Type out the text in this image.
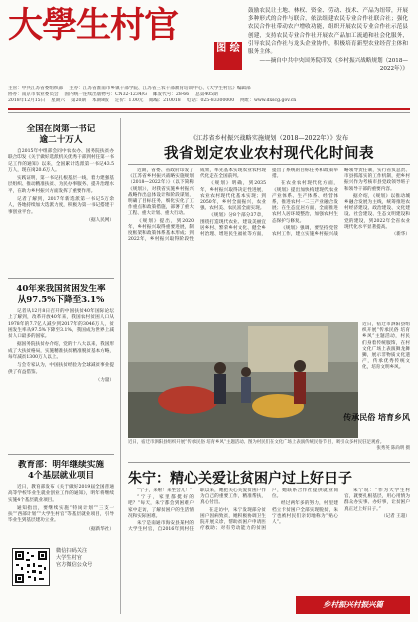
大學生村官
图 绘
鼓励农民让土地、林权、资金、劳动、技术、产品为纽带，开展多种形式的合作与联合，依法组建农民专业合作社联合社；强化农民合作社带动农户增收功能，组织开展农民专业合作社示范县创建，支持农民专业合作社开展农产品加工流通和社会化服务，引导农民合作社与龙头企业协作，积极培育新型农业经营主体和服务主体。
——摘自中共中央国务院印发《乡村振兴战略规划（2018—2022年）》
主管：中共江苏省委组织部 主办：江苏省淮南市乡镇干部学院、江苏省三农干部教育培训中心、《大学生村官》编辑部
协办：南京市农业委员会 国内统一连续出版物号：CN32-1234/G 邮发代号：28-66 总第405期
2018年12月15日 星期六 第20期 本期8版 定价：1.00元 邮编：210018 电话：025-83300000 网址：www.dxscg.gov.cn
全国在岗第一书记
逾二十万人

自2015年中组部会同中农农办、国务院扶贫办联合印发《关于做好选派机关优秀干部到村任第一书记工作的通知》以来，全国累计选派第一书记43.5万人，现在岗20.6万人。

实践证明，第一书记扎根基层一线，着力建强基层组织、推动精准扶贫、为民办事服务、提升治理水平，在助力乡村振兴方面发挥了重要作用。

记者了解到，2017年新选派第一书记5万余人，各地持续加大选派力度，积极为第一书记搭建干事创业平台。

（据人民网）

40年来我国贫困发生率
从97.5%下降至3.1%

记者从12月8日召开的中国扶贫40年国际论坛上了解到，改革开放40年来，我国农村贫困人口从1978年的7.7亿人减少到2017年的3046万人，贫困发生率从97.5%下降至3.1%，我国成为世界上减贫人口最多的国家。

据国务院扶贫办介绍，党的十八大以来，我国形成了大扶贫格局，实施精准扶贫精准脱贫基本方略，每年减贫1300万人以上。

与会专家认为，中国扶贫经验为全球减贫事业提供了有益借鉴。

（力量）

教育部：明年继续实施
4个基层就业项目

近日，教育部发布《关于做好2019届全国普通高等学校毕业生就业创业工作的通知》，明年将继续实施4个基层就业项目。

通知指出，要继续实施“特岗计划”“三支一扶”“西部计划”“大学生村官”等基层就业项目，引导毕业生到基层建功立业。

（据新华社）

微信扫码关注
大学生村官
官方微信公众号
《江苏省乡村振兴战略实施规划（2018—2022年）》发布
我省划定农业农村现代化时间表

近期，省委、省政府印发了《江苏省乡村振兴战略实施规划（2018—2022年）》（以下简称《规划》），对我省实施乡村振兴战略作出总体设计和阶段谋划，明确了目标任务，细化实化了工作重点和政策措施，部署了重大工程、重大计划、重大行动。

《规划》提出，到2020年，乡村振兴取得重要进展，制度框架和政策体系基本形成；到2022年，乡村振兴取得阶段性成果，率先基本实现农业农村现代化走在全国前列。

《规划》明确，到2035年，乡村振兴取得决定性进展，农业农村现代化基本实现；到2050年，乡村全面振兴，农业强、农村美、农民富全面实现。

《规划》分8个部分37章，围绕打造现代农业、建设美丽宜居乡村、繁荣乡村文化、健全乡村治理、增进民生福祉等方面，提出了系统的目标任务和政策举措。

在农业农村现代化方面，《规划》提出加快构建现代农业产业体系、生产体系、经营体系，推进农村一二三产业融合发展；在生态宜居方面，全面推进农村人居环境整治，加强农村生态保护与修复。

《规划》强调，要坚持党管农村工作，建立实施乡村振兴战略领导责任制，实行省负总责、市县抓落实的工作机制，把乡村振兴作为考核市县党政领导班子和领导干部的重要内容。

据介绍，《规划》以推动城乡融合发展为主线，统筹推进农村经济建设、政治建设、文化建设、社会建设、生态文明建设和党的建设，到2022年全省农业现代化水平显著提高。

（新华）

近日，宿迁市泗阳县组织开展“传承民俗 培育乡风”主题活动，村民们身着传统服饰，在村文化广场上表演舞龙舞狮，展示非物质文化遗产，传承优秀传统文化，培育文明乡风。
传承民俗 培育乡风
近日，宿迁市泗阳县组织开展“传承民俗 培育乡风”主题活动。图为村民们在文化广场上表演传统民俗节目，吸引众多村民驻足观看。
张秀英 陈尚明 摄
朱宁：精心关爱让贫困户过上好日子

“宁子，来啦！来坐会儿！”

“宁子，家里都挺好的吧？”每天，朱宁都会到困难户家中走访，了解贫困户的生活情况和实际困难。

朱宁是南通市海安县某村的大学生村官，自2016年到村任职以来，她把关心关爱贫困户作为自己的重要工作，精准帮扶，真心付出。

在走访中，朱宁发现部分贫困户因病致贫，她积极协调卫生院开展义诊，帮助贫困户申请医疗救助；对有劳动能力的贫困户，她联系合作社提供就业岗位。

经过两年多的努力，村里建档立卡贫困户全部实现脱贫，朱宁也被村民们亲切地称为“贴心人”。

朱宁说：“作为大学生村官，就要扎根基层，用心用情为群众办实事、办好事，让贫困户真正过上好日子。”

（记者 王超）

乡村振兴村振兴篇
